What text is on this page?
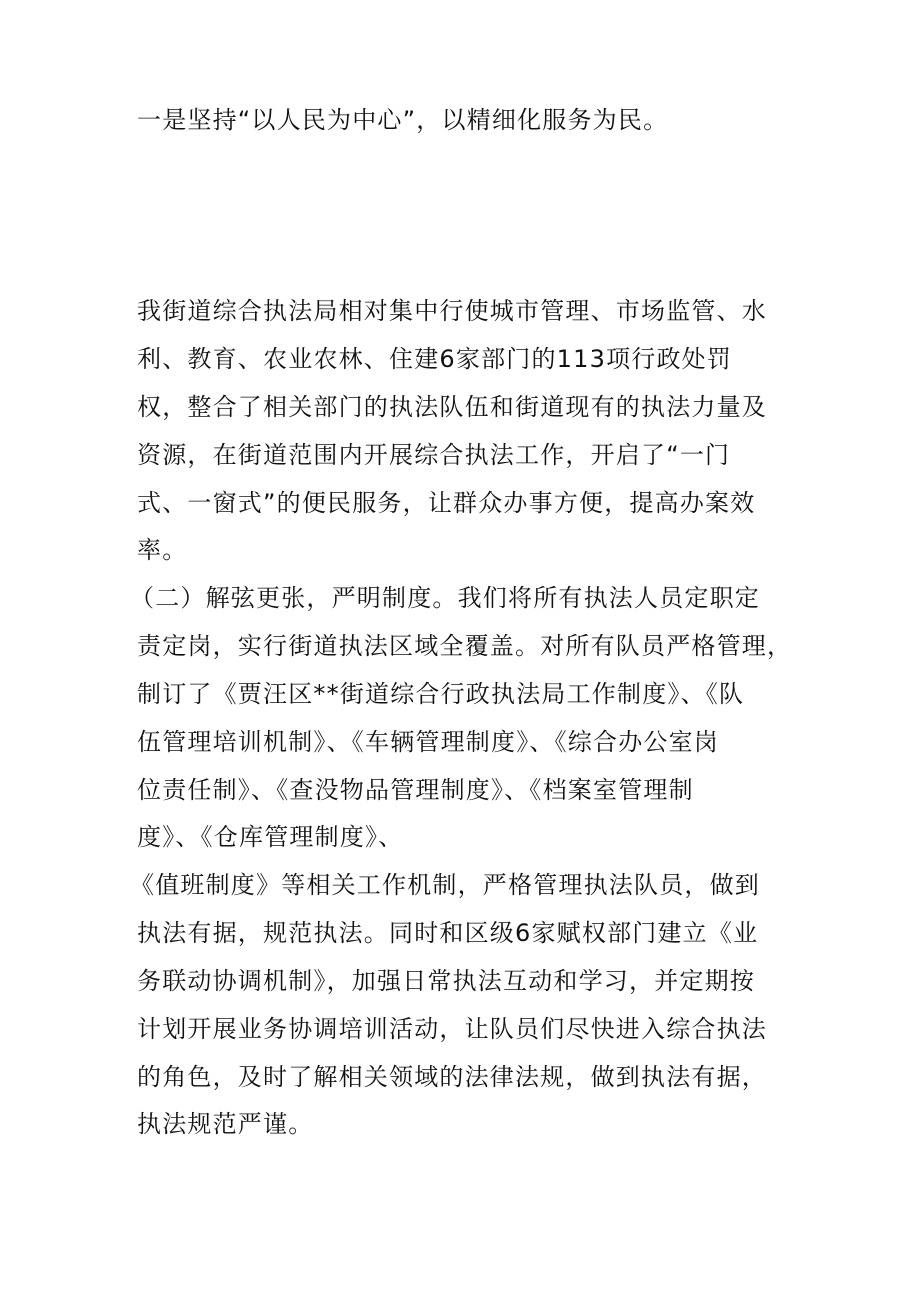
一是坚持“以人民为中心”，以精细化服务为民。

我街道综合执法局相对集中行使城市管理、市场监管、水

利、教育、农业农林、住建6家部门的113项行政处罚

权，整合了相关部门的执法队伍和街道现有的执法力量及

资源，在街道范围内开展综合执法工作，开启了“一门

式、一窗式”的便民服务，让群众办事方便，提高办案效

率。

（二）解弦更张，严明制度。我们将所有执法人员定职定

责定岗，实行街道执法区域全覆盖。对所有队员严格管理，

制订了《贾汪区**街道综合行政执法局工作制度》、《队

伍管理培训机制》、《车辆管理制度》、《综合办公室岗

位责任制》、《查没物品管理制度》、《档案室管理制

度》、《仓库管理制度》、

《值班制度》等相关工作机制，严格管理执法队员，做到

执法有据，规范执法。同时和区级6家赋权部门建立《业

务联动协调机制》，加强日常执法互动和学习，并定期按

计划开展业务协调培训活动，让队员们尽快进入综合执法

的角色，及时了解相关领域的法律法规，做到执法有据，

执法规范严谨。
